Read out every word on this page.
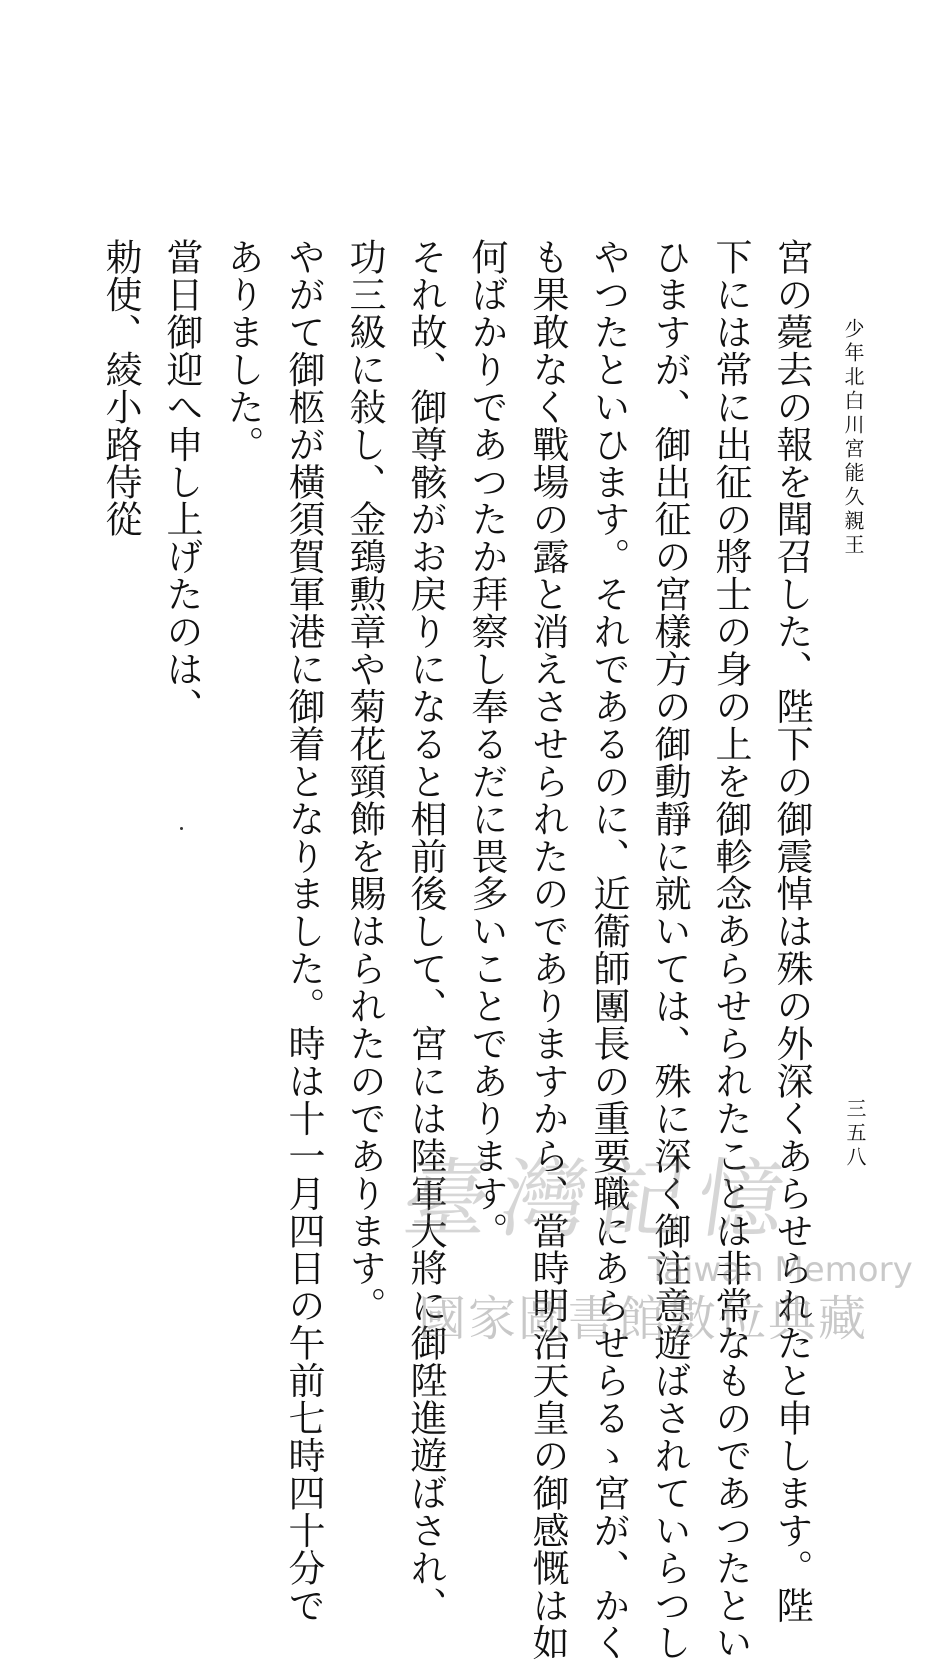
少年北白川宮能久親王
三五八
宮の薨去の報を聞召した、陛下の御震悼は殊の外深くあらせられたと申します。陛
下には常に出征の將士の身の上を御軫念あらせられたことは非常なものであつたとい
ひますが、御出征の宮樣方の御動靜に就いては、殊に深く御注意遊ばされていらつし
やつたといひます。それであるのに、近衞師團長の重要職にあらせらるゝ宮が、かく
も果敢なく戰場の露と消えさせられたのでありますから、當時明治天皇の御感慨は如
何ばかりであつたか拜察し奉るだに畏多いことであります。
それ故、御尊骸がお戻りになると相前後して、宮には陸軍大將に御陞進遊ばされ、
功三級に敍し、金鵄勲章や菊花頸飾を賜はられたのであります。
やがて御柩が橫須賀軍港に御着となりました。時は十一月四日の午前七時四十分で
ありました。
當日御迎へ申し上げたのは、
勅使、綾小路侍從
臺灣記憶
Taiwan Memory
國家圖書館數位典藏
